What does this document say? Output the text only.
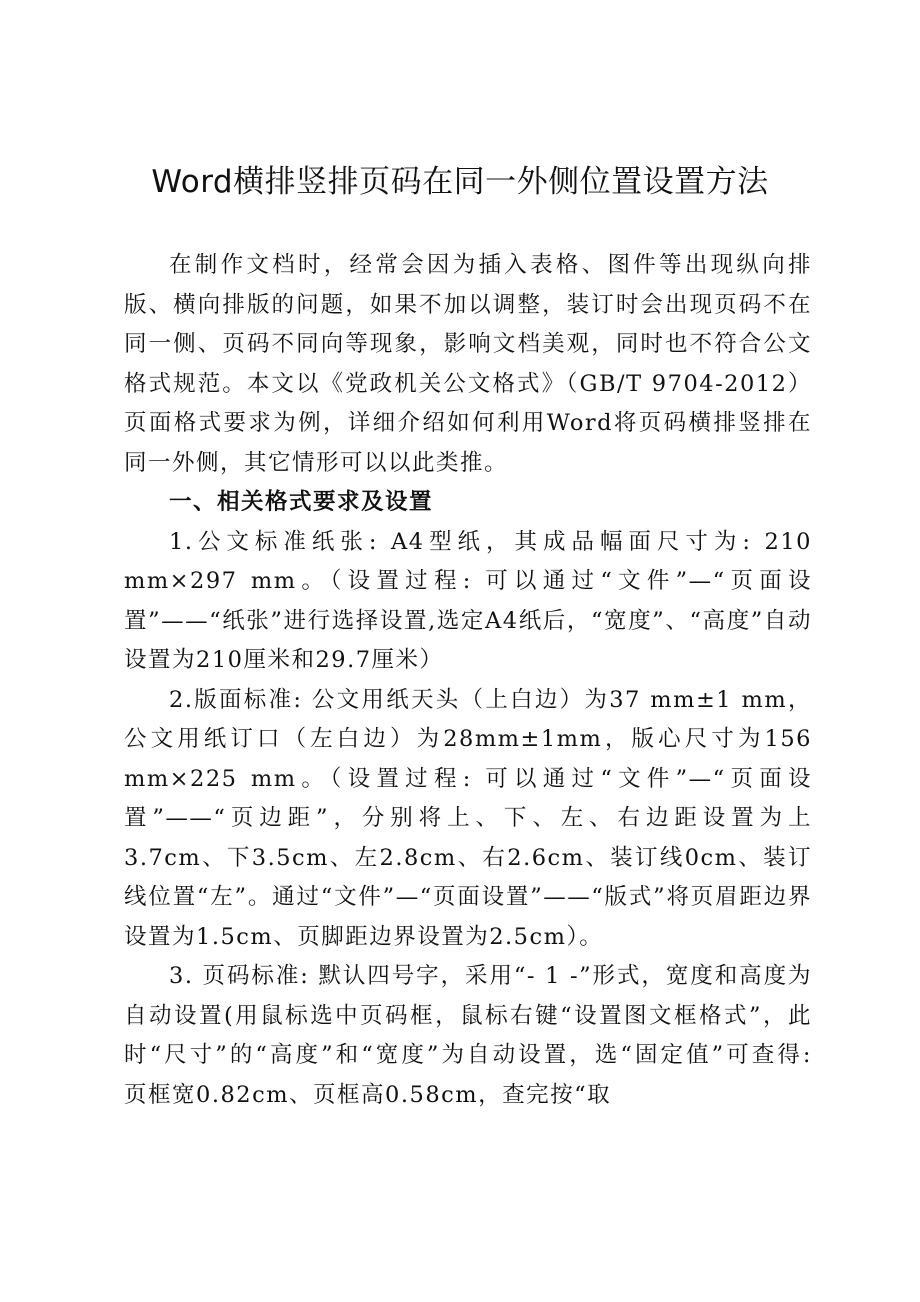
Word横排竖排页码在同一外侧位置设置方法

在制作文档时，经常会因为插入表格、图件等出现纵向排版、横向排版的问题，如果不加以调整，装订时会出现页码不在同一侧、页码不同向等现象，影响文档美观，同时也不符合公文格式规范。本文以《党政机关公文格式》（GB/T 9704-2012）页面格式要求为例，详细介绍如何利用Word将页码横排竖排在同一外侧，其它情形可以以此类推。

一、相关格式要求及设置

1.公文标准纸张: A4型纸，其成品幅面尺寸为: 210 mm×297 mm。（设置过程: 可以通过“文件”—“页面设置”——“纸张”进行选择设置,选定A4纸后，“宽度”、“高度”自动设置为210厘米和29.7厘米）

2.版面标准: 公文用纸天头（上白边）为37 mm±1 mm，公文用纸订口（左白边）为28mm±1mm，版心尺寸为156 mm×225 mm。（设置过程: 可以通过“文件”—“页面设置”——“页边距”，分别将上、下、左、右边距设置为上3.7cm、下3.5cm、左2.8cm、右2.6cm、装订线0cm、装订线位置“左”。通过“文件”—“页面设置”——“版式”将页眉距边界设置为1.5cm、页脚距边界设置为2.5cm）。

3. 页码标准: 默认四号字，采用“- 1 -”形式，宽度和高度为自动设置(用鼠标选中页码框，鼠标右键“设置图文框格式”，此时“尺寸”的“高度”和“宽度”为自动设置，选“固定值”可查得:　页框宽0.82cm、页框高0.58cm，查完按“取
